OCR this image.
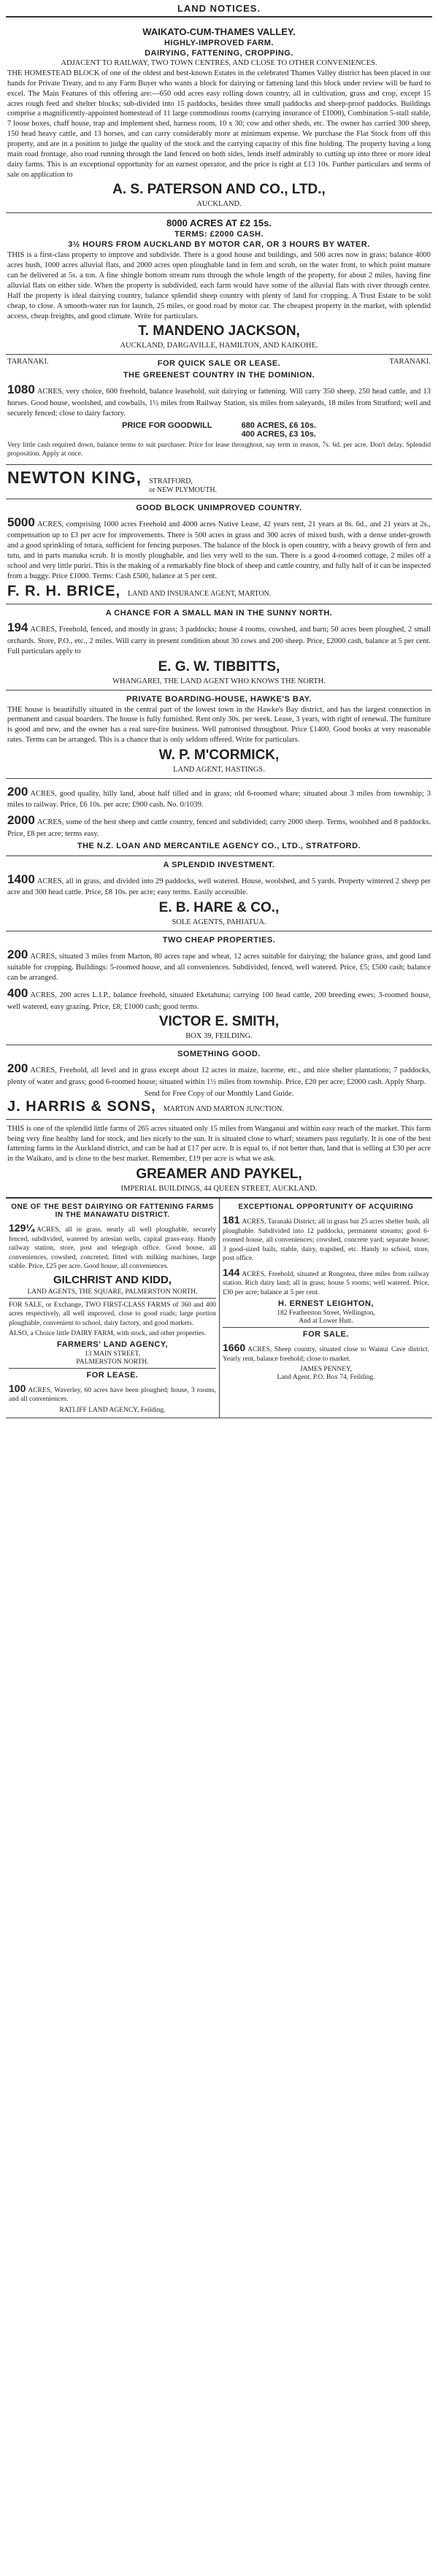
LAND NOTICES.
WAIKATO-CUM-THAMES VALLEY.
HIGHLY-IMPROVED FARM.
DAIRYING, FATTENING, CROPPING.
ADJACENT TO RAILWAY, TWO TOWN CENTRES, AND CLOSE TO OTHER CONVENIENCES.
THE HOMESTEAD BLOCK of one of the oldest and best-known Estates in the celebrated Thames Valley district has been placed in our hands for Private Treaty, and to any Farm Buyer who wants a block for dairying or fattening land this block under review will be hard to excel. The Main Features of this offering are:—650 odd acres easy rolling down country, all in cultivation, grass and crop, except 15 acres rough feed and shelter blocks; sub-divided into 15 paddocks, besides three small paddocks and sheep-proof paddocks. Buildings comprise a magnificently-appointed homestead of 11 large commodious rooms (carrying insurance of £1000), Combination 5-stall stable, 7 loose boxes, chaff house, trap and implement shed, harness room, 10 x 30; cow and other sheds, etc. The owner has carried 300 sheep, 150 head heavy cattle, and 13 horses, and can carry considerably more at minimum expense. We purchase the Flat Stock from off this property, and are in a position to judge the quality of the stock and the carrying capacity of this fine holding. The property having a long main road frontage, also road running through the land fenced on both sides, lends itself admirably to cutting up into three or more ideal dairy farms. This is an exceptional opportunity for an earnest operator, and the price is right at £13 10s. Further particulars and terms of sale on application to
A. S. PATERSON AND CO., LTD.,
AUCKLAND.
8000 ACRES AT £2 15s.
TERMS: £2000 CASH.
3½ HOURS FROM AUCKLAND BY MOTOR CAR, OR 3 HOURS BY WATER.
THIS is a first-class property to improve and subdivide. There is a good house and buildings, and 500 acres now in grass; balance 4000 acres bush, 1000 acres alluvial flats, and 2000 acres open ploughable land in fern and scrub, on the water front, to which point manure can be delivered at 5s. a ton. A fine shingle bottom stream runs through the whole length of the property, for about 2 miles, having fine alluvial flats on either side. When the property is subdivided, each farm would have some of the alluvial flats with river through centre. Half the property is ideal dairying country, balance splendid sheep country with plenty of land for cropping. A Trust Estate to be sold cheap, to close. A smooth-water run for launch, 25 miles, or good road by motor car. The cheapest property in the market, with splendid access, cheap freights, and good climate. Write for particulars.
T. MANDENO JACKSON,
AUCKLAND, DARGAVILLE, HAMILTON, AND KAIKOHE.
TARANAKI.	FOR QUICK SALE OR LEASE.	TARANAKI.
THE GREENEST COUNTRY IN THE DOMINION.
1080 ACRES, very choice, 600 freehold, balance leasehold, suit dairying or fattening. Will carry 350 sheep, 250 head cattle, and 13 horses. Good house, woolshed, and cowbails, 1½ miles from Railway Station, six miles from saleyards, 18 miles from Stratford; well and securely fenced; close to dairy factory.
PRICE FOR GOODWILL	680 ACRES, £6 10s.
400 ACRES, £3 10s.
Very little cash required down, balance terms to suit purchaser. Price for lease throughout, say term in reason, 7s. 6d. per acre. Don't delay. Splendid proposition. Apply at once.
NEWTON KING, STRATFORD,
or NEW PLYMOUTH.
GOOD BLOCK UNIMPROVED COUNTRY.
5000 ACRES, comprising 1000 acres Freehold and 4000 acres Native Lease, 42 years rent, 21 years at 8s. 6d., and 21 years at 2s., compensation up to £3 per acre for improvements. There is 500 acres in grass and 300 acres of mixed bush, with a dense under-growth and a good sprinkling of totara, sufficient for fencing purposes. The balance of the block is open country, with a heavy growth of fern and tutu, and in parts manuka scrub. It is mostly ploughable, and lies very well to the sun. There is a good 4-roomed cottage, 2 miles off a school and very little puriri. This is the making of a remarkably fine block of sheep and cattle country, and fully half of it can be inspected from a buggy. Price £1000. Terms: Cash £500, balance at 5 per cent.
F. R. H. BRICE, LAND AND INSURANCE AGENT, MARTON.
A CHANCE FOR A SMALL MAN IN THE SUNNY NORTH.
194 ACRES, Freehold, fenced, and mostly in grass; 3 paddocks; house 4 rooms, cowshed, and barn; 50 acres been ploughed, 2 small orchards. Store, P.O., etc., 2 miles. Will carry in present condition about 30 cows and 200 sheep. Price, £2000 cash, balance at 5 per cent. Full particulars apply to
E. G. W. TIBBITTS,
WHANGAREI, THE LAND AGENT WHO KNOWS THE NORTH.
PRIVATE BOARDING-HOUSE, HAWKE'S BAY.
THE house is beautifully situated in the central part of the lowest town in the Hawke's Bay district, and has the largest connection in permanent and casual boarders. The house is fully furnished. Rent only 30s. per week. Lease, 3 years, with right of renewal. The furniture is good and new, and the owner has a real sure-fire business. Well patronised throughout. Price £1400, Good books at very reasonable rates. Terms can be arranged. This is a chance that is only seldom offered. Write for particulars.
W. P. M'CORMICK,
LAND AGENT, HASTINGS.
200 ACRES, good quality, hilly land, about half tilled and in grass; old 6-roomed whare; situated about 3 miles from township; 3 miles to railway. Price, £6 10s. per acre; £900 cash. No. 0/1039.
2000 ACRES, some of the best sheep and cattle country, fenced and subdivided; carry 2000 sheep. Terms, woolshed and 8 paddocks. Price, £8 per acre; terms easy.
THE N.Z. LOAN AND MERCANTILE AGENCY CO., LTD., STRATFORD.
A SPLENDID INVESTMENT.
1400 ACRES, all in grass, and divided into 29 paddocks, well watered. House, woolshed, and 5 yards. Property wintered 2 sheep per acre and 300 head cattle. Price, £8 10s. per acre; easy terms. Easily accessible.
E. B. HARE & CO.,
SOLE AGENTS, PAHIATUA.
TWO CHEAP PROPERTIES.
200 ACRES, situated 3 miles from Marton, 80 acres rape and wheat, 12 acres suitable for dairying; the balance grass, and good land suitable for cropping. Buildings: 5-roomed house, and all conveniences. Subdivided, fenced, well watered. Price, £5; £500 cash; balance can be arranged.
400 ACRES, 200 acres L.I.P., balance freehold, situated Eketahuna; carrying 100 head cattle, 200 breeding ewes; 3-roomed house, well watered, easy grazing. Price, £8; £1000 cash; good terms.
VICTOR E. SMITH,
BOX 39, FEILDING.
SOMETHING GOOD.
200 ACRES, Freehold, all level and in grass except about 12 acres in maize, lucerne, etc., and nice shelter plantations; 7 paddocks, plenty of water and grass; good 6-roomed house; situated within 1½ miles from township. Price, £20 per acre; £2000 cash. Apply Sharp.
Send for Free Copy of our Monthly Land Guide.
J. HARRIS & SONS, MARTON AND MARTON JUNCTION.
THIS is one of the splendid little farms of 265 acres situated only 15 miles from Wanganui and within easy reach of the market. This farm being very fine healthy land for stock, and lies nicely to the sun. It is situated close to wharf; steamers pass regularly. It is one of the best fattening farms in the Auckland district, and can be had at £17 per acre. It is equal to, if not better than, land that is selling at £30 per acre in the Waikato, and is close to the best market. Remember, £19 per acre is what we ask.
GREAMER AND PAYKEL,
IMPERIAL BUILDINGS, 44 QUEEN STREET, AUCKLAND.
ONE OF THE BEST DAIRYING OR FATTENING FARMS IN THE MANAWATU DISTRICT.
129¼ ACRES, all in grass, nearly all well ploughable, securely fenced, subdivided, watered by artesian wells, capital grass-easy. Handy railway station, store, post and telegraph office. Good house, all conveniences, cowshed, concreted, fitted with milking machines, large stable. Price, £25 per acre. Good house, all conveniences.
GILCHRIST AND KIDD,
LAND AGENTS, THE SQUARE, PALMERSTON NORTH.
FOR SALE, or Exchange, TWO FIRST-CLASS FARMS of 360 and 400 acres respectively, all well improved, close to good roads; large portion ploughable, convenient to school, dairy factory, and good markets.
ALSO, a Choice little DAIRY FARM, with stock, and other properties.
FARMERS' LAND AGENCY,
13 MAIN STREET,
PALMERSTON NORTH.
FOR LEASE.
100 ACRES, Waverley, 60 acres have been ploughed; house, 3 rooms, and all conveniences.
RATLIFF LAND AGENCY, Feilding.
EXCEPTIONAL OPPORTUNITY OF ACQUIRING
181 ACRES, Taranaki District; all in grass but 25 acres shelter bush, all ploughable. Subdivided into 12 paddocks, permanent streams; good 6-roomed house, all conveniences; cowshed, concrete yard; separate house; 3 good-sized bails, stable, dairy, trapshed, etc. Handy to school, store, post office.
144 ACRES, Freehold, situated at Rongotea, three miles from railway station. Rich dairy land; all in grass; house 5 rooms; well watered. Price, £30 per acre; balance at 5 per cent.
H. ERNEST LEIGHTON,
182 Featherston Street, Wellington,
And at Lower Hutt.
FOR SALE.
1660 ACRES, Sheep country, situated close to Wainui Cave district. Yearly rent, balance freehold; close to market.
JAMES PENNEY,
Land Agent, P.O. Box 74, Feilding.
